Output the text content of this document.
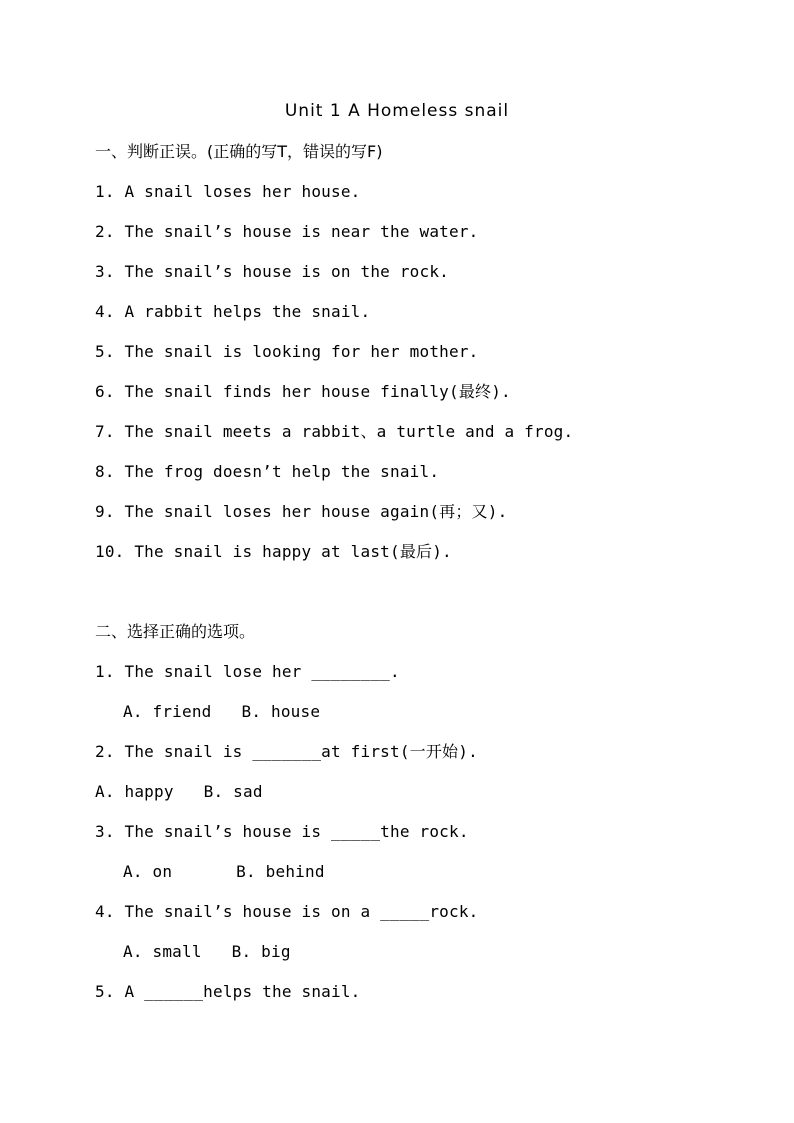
Unit 1 A Homeless snail
一、判断正误。(正确的写T，错误的写F)
1. A snail loses her house.
2. The snail’s house is near the water.
3. The snail’s house is on the rock.
4. A rabbit helps the snail.
5. The snail is looking for her mother.
6. The snail finds her house finally(最终).
7. The snail meets a rabbit、a turtle and a frog.
8. The frog doesn’t help the snail.
9. The snail loses her house again(再；又).
10. The snail is happy at last(最后).
二、选择正确的选项。
1. The snail lose her ________.
A. friend B. house
2. The snail is _______at first(一开始).
A. happy B. sad
3. The snail’s house is _____the rock.
A. on	B. behind
4. The snail’s house is on a _____rock.
A. small B. big
5. A ______helps the snail.
